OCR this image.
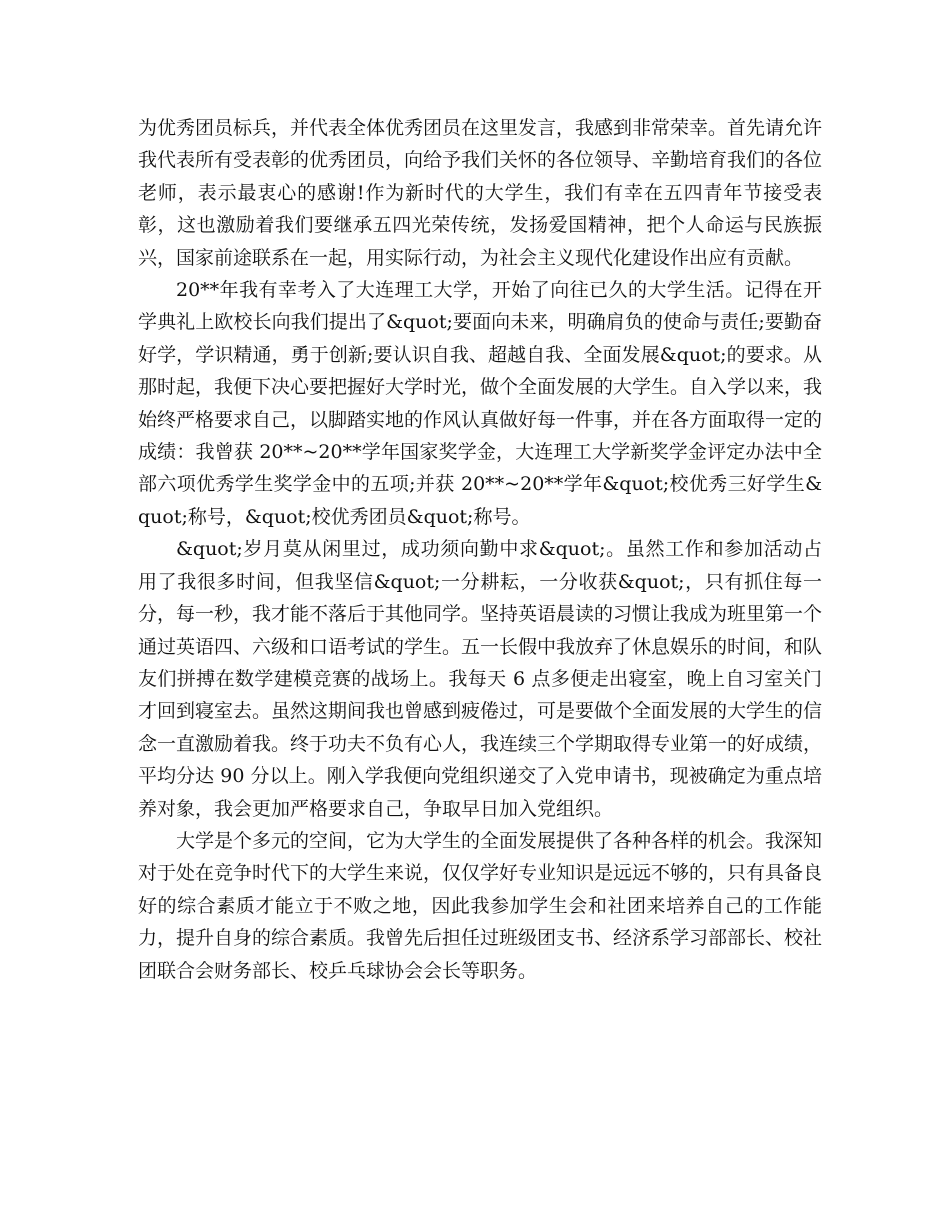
为优秀团员标兵，并代表全体优秀团员在这里发言，我感到非常荣幸。首先请允许我代表所有受表彰的优秀团员，向给予我们关怀的各位领导、辛勤培育我们的各位老师，表示最衷心的感谢!作为新时代的大学生，我们有幸在五四青年节接受表彰，这也激励着我们要继承五四光荣传统，发扬爱国精神，把个人命运与民族振兴，国家前途联系在一起，用实际行动，为社会主义现代化建设作出应有贡献。

20**年我有幸考入了大连理工大学，开始了向往已久的大学生活。记得在开学典礼上欧校长向我们提出了&quot;要面向未来，明确肩负的使命与责任;要勤奋好学，学识精通，勇于创新;要认识自我、超越自我、全面发展&quot;的要求。从那时起，我便下决心要把握好大学时光，做个全面发展的大学生。自入学以来，我始终严格要求自己，以脚踏实地的作风认真做好每一件事，并在各方面取得一定的成绩：我曾获 20**~20**学年国家奖学金，大连理工大学新奖学金评定办法中全部六项优秀学生奖学金中的五项;并获 20**~20**学年&quot;校优秀三好学生&quot;称号，&quot;校优秀团员&quot;称号。

&quot;岁月莫从闲里过，成功须向勤中求&quot;。虽然工作和参加活动占用了我很多时间，但我坚信&quot;一分耕耘，一分收获&quot;，只有抓住每一分，每一秒，我才能不落后于其他同学。坚持英语晨读的习惯让我成为班里第一个通过英语四、六级和口语考试的学生。五一长假中我放弃了休息娱乐的时间，和队友们拼搏在数学建模竞赛的战场上。我每天 6 点多便走出寝室，晚上自习室关门才回到寝室去。虽然这期间我也曾感到疲倦过，可是要做个全面发展的大学生的信念一直激励着我。终于功夫不负有心人，我连续三个学期取得专业第一的好成绩，平均分达 90 分以上。刚入学我便向党组织递交了入党申请书，现被确定为重点培养对象，我会更加严格要求自己，争取早日加入党组织。

大学是个多元的空间，它为大学生的全面发展提供了各种各样的机会。我深知对于处在竞争时代下的大学生来说，仅仅学好专业知识是远远不够的，只有具备良好的综合素质才能立于不败之地，因此我参加学生会和社团来培养自己的工作能力，提升自身的综合素质。我曾先后担任过班级团支书、经济系学习部部长、校社团联合会财务部长、校乒乓球协会会长等职务。
